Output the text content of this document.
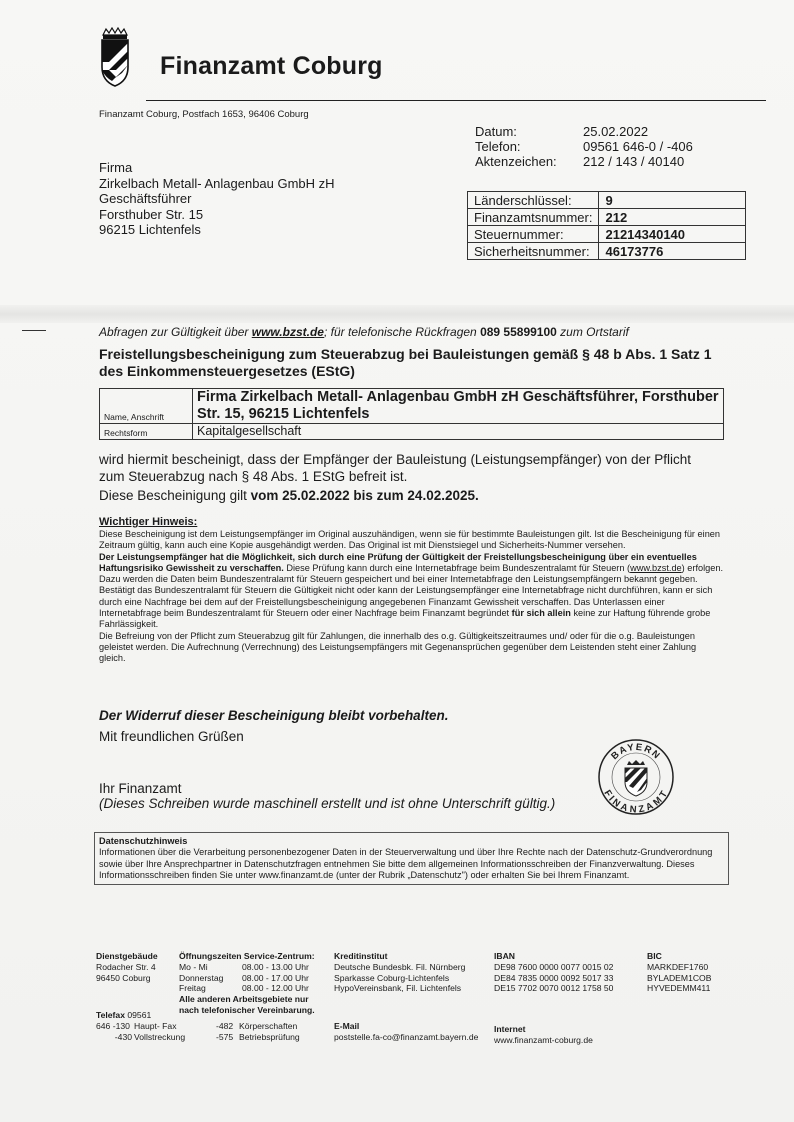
Finanzamt Coburg
Finanzamt Coburg, Postfach 1653, 96406 Coburg
Datum:	25.02.2022
Telefon:	09561 646-0 / -406
Aktenzeichen:	212 / 143 / 40140
Firma
Zirkelbach Metall- Anlagenbau GmbH zH
Geschäftsführer
Forsthuber Str. 15
96215 Lichtenfels
Länderschlüssel:	9
Finanzamtsnummer:	212
Steuernummer:	21214340140
Sicherheitsnummer:	46173776
Abfragen zur Gültigkeit über www.bzst.de; für telefonische Rückfragen 089 55899100 zum Ortstarif
Freistellungsbescheinigung zum Steuerabzug bei Bauleistungen gemäß § 48 b Abs. 1 Satz 1 des Einkommensteuergesetzes (EStG)
Name, Anschrift	Firma Zirkelbach Metall- Anlagenbau GmbH zH Geschäftsführer, Forsthuber Str. 15, 96215 Lichtenfels
Rechtsform	Kapitalgesellschaft
wird hiermit bescheinigt, dass der Empfänger der Bauleistung (Leistungsempfänger) von der Pflicht zum Steuerabzug nach § 48 Abs. 1 EStG befreit ist.
Diese Bescheinigung gilt vom 25.02.2022 bis zum 24.02.2025.
Wichtiger Hinweis:
Diese Bescheinigung ist dem Leistungsempfänger im Original auszuhändigen, wenn sie für bestimmte Bauleistungen gilt. Ist die Bescheinigung für einen Zeitraum gültig, kann auch eine Kopie ausgehändigt werden. Das Original ist mit Dienstsiegel und Sicherheits-Nummer versehen.
Der Leistungsempfänger hat die Möglichkeit, sich durch eine Prüfung der Gültigkeit der Freistellungsbescheinigung über ein eventuelles Haftungsrisiko Gewissheit zu verschaffen. Diese Prüfung kann durch eine Internetabfrage beim Bundeszentralamt für Steuern (www.bzst.de) erfolgen. Dazu werden die Daten beim Bundeszentralamt für Steuern gespeichert und bei einer Internetabfrage den Leistungsempfängern bekannt gegeben. Bestätigt das Bundeszentralamt für Steuern die Gültigkeit nicht oder kann der Leistungsempfänger eine Internetabfrage nicht durchführen, kann er sich durch eine Nachfrage bei dem auf der Freistellungsbescheinigung angegebenen Finanzamt Gewissheit verschaffen. Das Unterlassen einer Internetabfrage beim Bundeszentralamt für Steuern oder einer Nachfrage beim Finanzamt begründet für sich allein keine zur Haftung führende grobe Fahrlässigkeit.
Die Befreiung von der Pflicht zum Steuerabzug gilt für Zahlungen, die innerhalb des o.g. Gültigkeitszeitraumes und/ oder für die o.g. Bauleistungen geleistet werden. Die Aufrechnung (Verrechnung) des Leistungsempfängers mit Gegenansprüchen gegenüber dem Leistenden steht einer Zahlung gleich.
Der Widerruf dieser Bescheinigung bleibt vorbehalten.
Mit freundlichen Grüßen
BAYERN
FINANZAMT
Ihr Finanzamt
(Dieses Schreiben wurde maschinell erstellt und ist ohne Unterschrift gültig.)
Datenschutzhinweis
Informationen über die Verarbeitung personenbezogener Daten in der Steuerverwaltung und über Ihre Rechte nach der Datenschutz-Grundverordnung sowie über Ihre Ansprechpartner in Datenschutzfragen entnehmen Sie bitte dem allgemeinen Informationsschreiben der Finanzverwaltung. Dieses Informationsschreiben finden Sie unter www.finanzamt.de (unter der Rubrik „Datenschutz") oder erhalten Sie bei Ihrem Finanzamt.
Dienstgebäude
Rodacher Str. 4
96450 Coburg
Öffnungszeiten Service-Zentrum:
Mo - Mi	08.00 - 13.00 Uhr
Donnerstag 08.00 - 17.00 Uhr
Freitag	08.00 - 12.00 Uhr
Alle anderen Arbeitsgebiete nur
nach telefonischer Vereinbarung.
Telefax 09561
646 -130 Haupt- Fax	-482 Körperschaften
-430 Vollstreckung	-575 Betriebsprüfung
Kreditinstitut
Deutsche Bundesbk. Fil. Nürnberg
Sparkasse Coburg-Lichtenfels
HypoVereinsbank, Fil. Lichtenfels
IBAN
DE98 7600 0000 0077 0015 02
DE84 7835 0000 0092 5017 33
DE15 7702 0070 0012 1758 50
BIC
MARKDEF1760
BYLADEM1COB
HYVEDEMM411
E-Mail
poststelle.fa-co@finanzamt.bayern.de
Internet
www.finanzamt-coburg.de
